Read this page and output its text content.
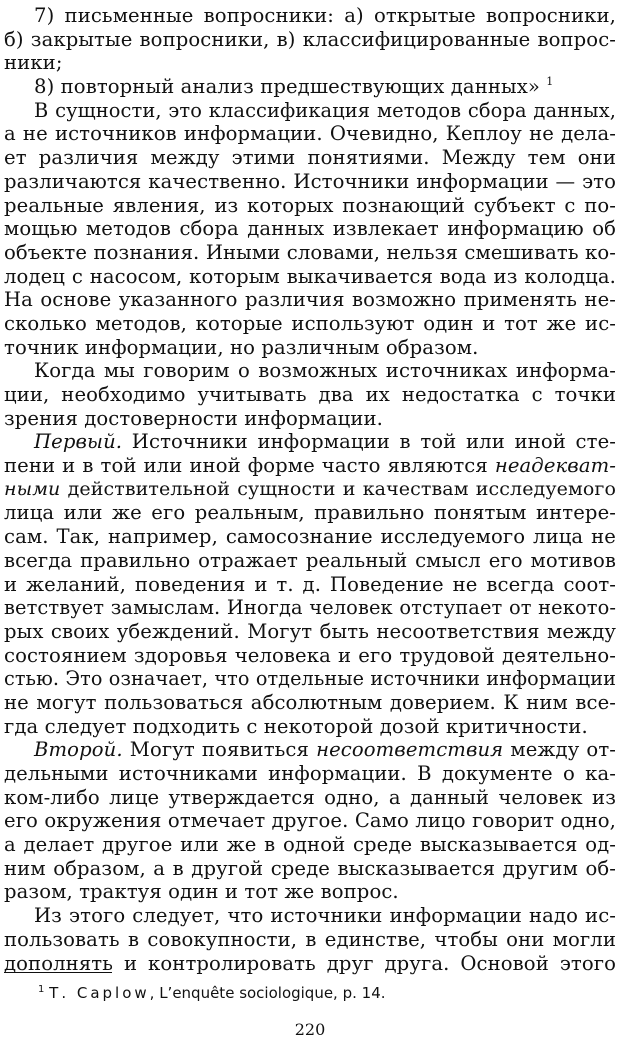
7) письменные вопросники: а) открытые вопросники,
б) закрытые вопросники, в) классифицированные вопрос-
ники;
8) повторный анализ предшествующих данных» $^1$
В сущности, это классификация методов сбора данных,
а не источников информации. Очевидно, Кеплоу не дела-
ет различия между этими понятиями. Между тем они
различаются качественно. Источники информации — это
реальные явления, из которых познающий субъект с по-
мощью методов сбора данных извлекает информацию об
объекте познания. Иными словами, нельзя смешивать ко-
лодец с насосом, которым выкачивается вода из колодца.
На основе указанного различия возможно применять не-
сколько методов, которые используют один и тот же ис-
точник информации, но различным образом.
Когда мы говорим о возможных источниках информа-
ции, необходимо учитывать два их недостатка с точки
зрения достоверности информации.
Первый. Источники информации в той или иной сте-
пени и в той или иной форме часто являются неадекват-
ными действительной сущности и качествам исследуемого
лица или же его реальным, правильно понятым интере-
сам. Так, например, самосознание исследуемого лица не
всегда правильно отражает реальный смысл его мотивов
и желаний, поведения и т. д. Поведение не всегда соот-
ветствует замыслам. Иногда человек отступает от некото-
рых своих убеждений. Могут быть несоответствия между
состоянием здоровья человека и его трудовой деятельно-
стью. Это означает, что отдельные источники информации
не могут пользоваться абсолютным доверием. К ним все-
гда следует подходить с некоторой дозой критичности.
Второй. Могут появиться несоответствия между от-
дельными источниками информации. В документе о ка-
ком-либо лице утверждается одно, а данный человек из
его окружения отмечает другое. Само лицо говорит одно,
а делает другое или же в одной среде высказывается од-
ним образом, а в другой среде высказывается другим об-
разом, трактуя один и тот же вопрос.
Из этого следует, что источники информации надо ис-
пользовать в совокупности, в единстве, чтобы они могли
дополнять и контролировать друг друга. Основой этого
$^1$ Т. Caplow, L’enquête sociologique, p. 14.
220
